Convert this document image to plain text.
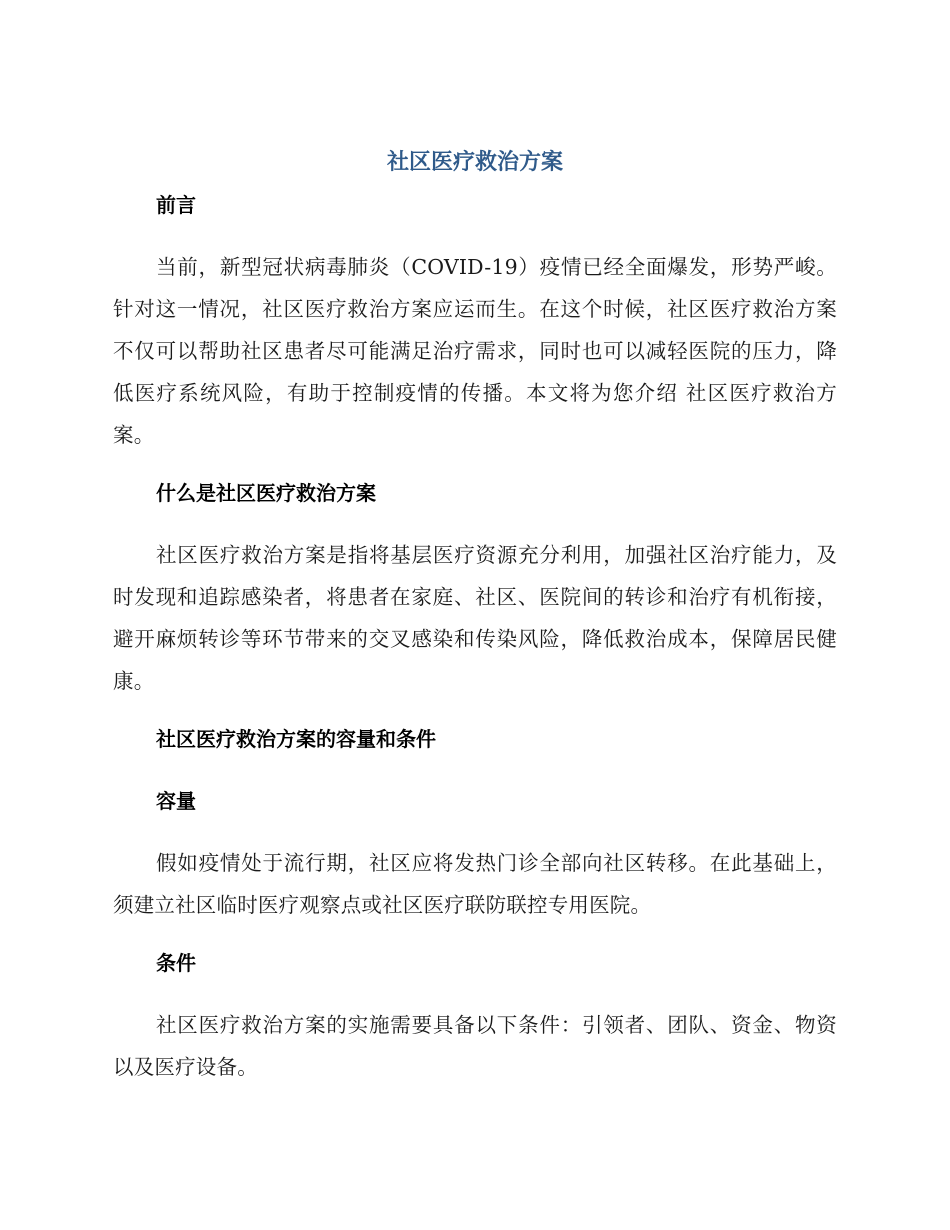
社区医疗救治方案
前言

当前，新型冠状病毒肺炎（COVID-19）疫情已经全面爆发，形势严峻。针对这一情况，社区医疗救治方案应运而生。在这个时候，社区医疗救治方案不仅可以帮助社区患者尽可能满足治疗需求，同时也可以减轻医院的压力，降低医疗系统风险，有助于控制疫情的传播。本文将为您介绍 社区医疗救治方案。

什么是社区医疗救治方案

社区医疗救治方案是指将基层医疗资源充分利用，加强社区治疗能力，及时发现和追踪感染者，将患者在家庭、社区、医院间的转诊和治疗有机衔接，避开麻烦转诊等环节带来的交叉感染和传染风险，降低救治成本，保障居民健康。

社区医疗救治方案的容量和条件
容量

假如疫情处于流行期，社区应将发热门诊全部向社区转移。在此基础上，须建立社区临时医疗观察点或社区医疗联防联控专用医院。

条件

社区医疗救治方案的实施需要具备以下条件：引领者、团队、资金、物资以及医疗设备。
